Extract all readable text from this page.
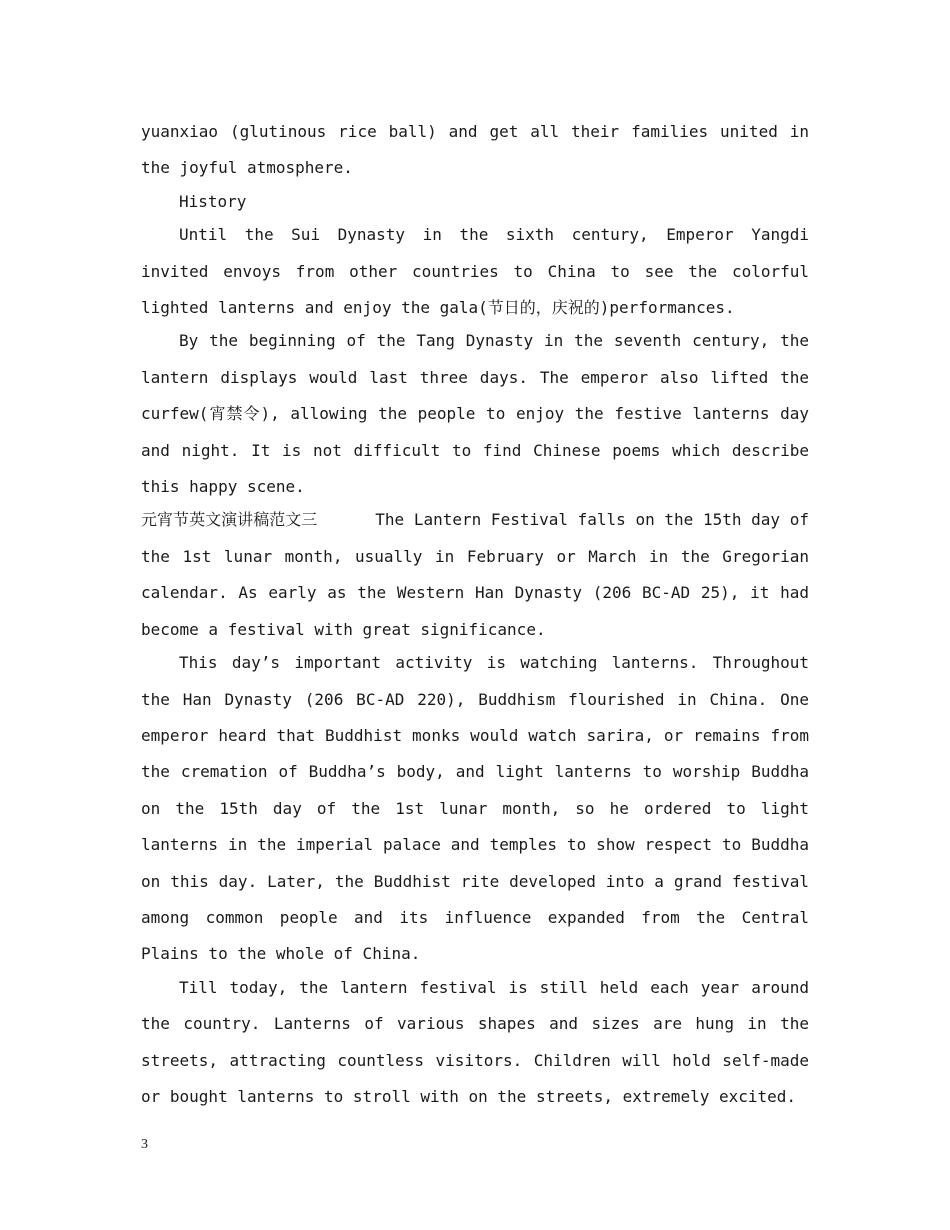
yuanxiao (glutinous rice ball) and get all their families united in the joyful atmosphere.

History

Until the Sui Dynasty in the sixth century, Emperor Yangdi invited envoys from other countries to China to see the colorful lighted lanterns and enjoy the gala(节日的，庆祝的)performances.

By the beginning of the Tang Dynasty in the seventh century, the lantern displays would last three days. The emperor also lifted the curfew(宵禁令), allowing the people to enjoy the festive lanterns day and night. It is not difficult to find Chinese poems which describe this happy scene.

元宵节英文演讲稿范文三	The Lantern Festival falls on the 15th day of the 1st lunar month, usually in February or March in the Gregorian calendar. As early as the Western Han Dynasty (206 BC-AD 25), it had become a festival with great significance.

This day’s important activity is watching lanterns. Throughout the Han Dynasty (206 BC-AD 220), Buddhism flourished in China. One emperor heard that Buddhist monks would watch sarira, or remains from the cremation of Buddha’s body, and light lanterns to worship Buddha on the 15th day of the 1st lunar month, so he ordered to light lanterns in the imperial palace and temples to show respect to Buddha on this day. Later, the Buddhist rite developed into a grand festival among common people and its influence expanded from the Central Plains to the whole of China.

Till today, the lantern festival is still held each year around the country. Lanterns of various shapes and sizes are hung in the streets, attracting countless visitors. Children will hold self-made or bought lanterns to stroll with on the streets, extremely excited.

3
